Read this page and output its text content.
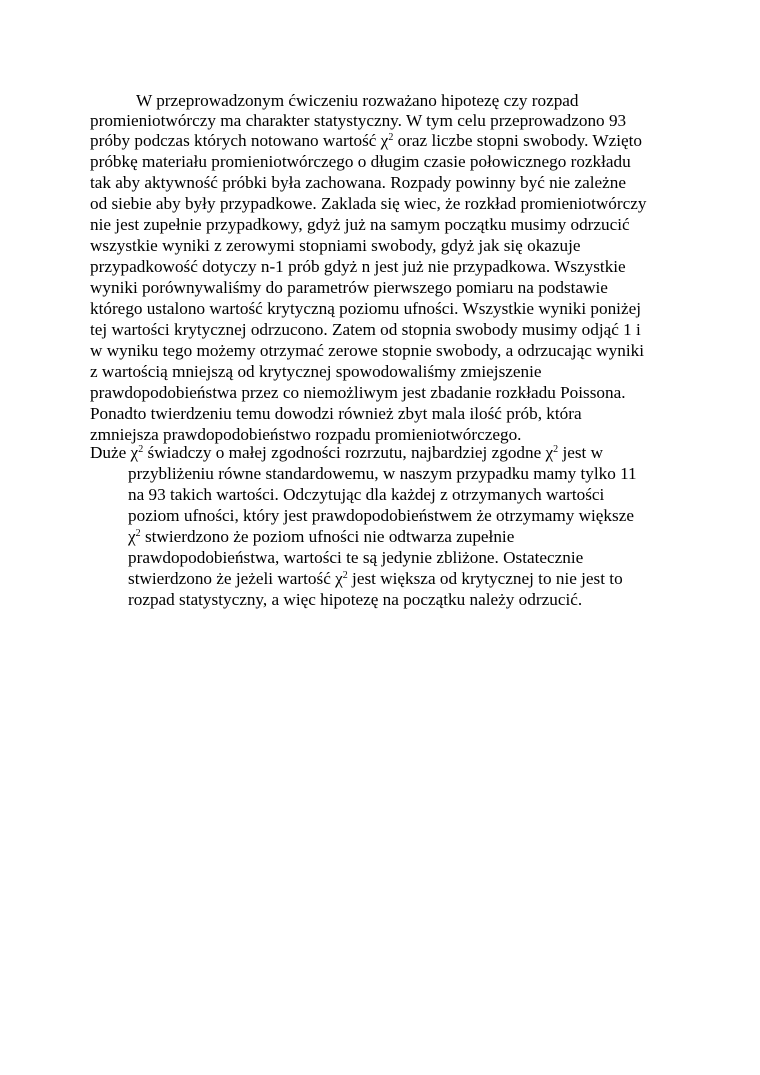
W przeprowadzonym ćwiczeniu rozważano hipotezę czy rozpad
promieniotwórczy ma charakter statystyczny. W tym celu przeprowadzono 93
próby podczas których notowano wartość $\chi^2$ oraz liczbe stopni swobody. Wzięto
próbkę materiału promieniotwórczego o długim czasie połowicznego rozkładu
tak aby aktywność próbki była zachowana. Rozpady powinny być nie zależne
od siebie aby były przypadkowe. Zaklada się wiec, że rozkład promieniotwórczy
nie jest zupełnie przypadkowy, gdyż już na samym początku musimy odrzucić
wszystkie wyniki z zerowymi stopniami swobody, gdyż jak się okazuje
przypadkowość dotyczy n-1 prób gdyż n jest już nie przypadkowa. Wszystkie
wyniki porównywaliśmy do parametrów pierwszego pomiaru na podstawie
którego ustalono wartość krytyczną poziomu ufności. Wszystkie wyniki poniżej
tej wartości krytycznej odrzucono. Zatem od stopnia swobody musimy odjąć 1 i
w wyniku tego możemy otrzymać zerowe stopnie swobody, a odrzucając wyniki
z wartością mniejszą od krytycznej spowodowaliśmy zmiejszenie
prawdopodobieństwa przez co niemożliwym jest zbadanie rozkładu Poissona.
Ponadto twierdzeniu temu dowodzi również zbyt mala ilość prób, która
zmniejsza prawdopodobieństwo rozpadu promieniotwórczego.
Duże $\chi^2$ świadczy o małej zgodności rozrzutu, najbardziej zgodne $\chi^2$ jest w
przybliżeniu równe standardowemu, w naszym przypadku mamy tylko 11
na 93 takich wartości. Odczytując dla każdej z otrzymanych wartości
poziom ufności, który jest prawdopodobieństwem że otrzymamy większe
$\chi^2$ stwierdzono że poziom ufności nie odtwarza zupełnie
prawdopodobieństwa, wartości te są jedynie zbliżone. Ostatecznie
stwierdzono że jeżeli wartość $\chi^2$ jest większa od krytycznej to nie jest to
rozpad statystyczny, a więc hipotezę na początku należy odrzucić.
